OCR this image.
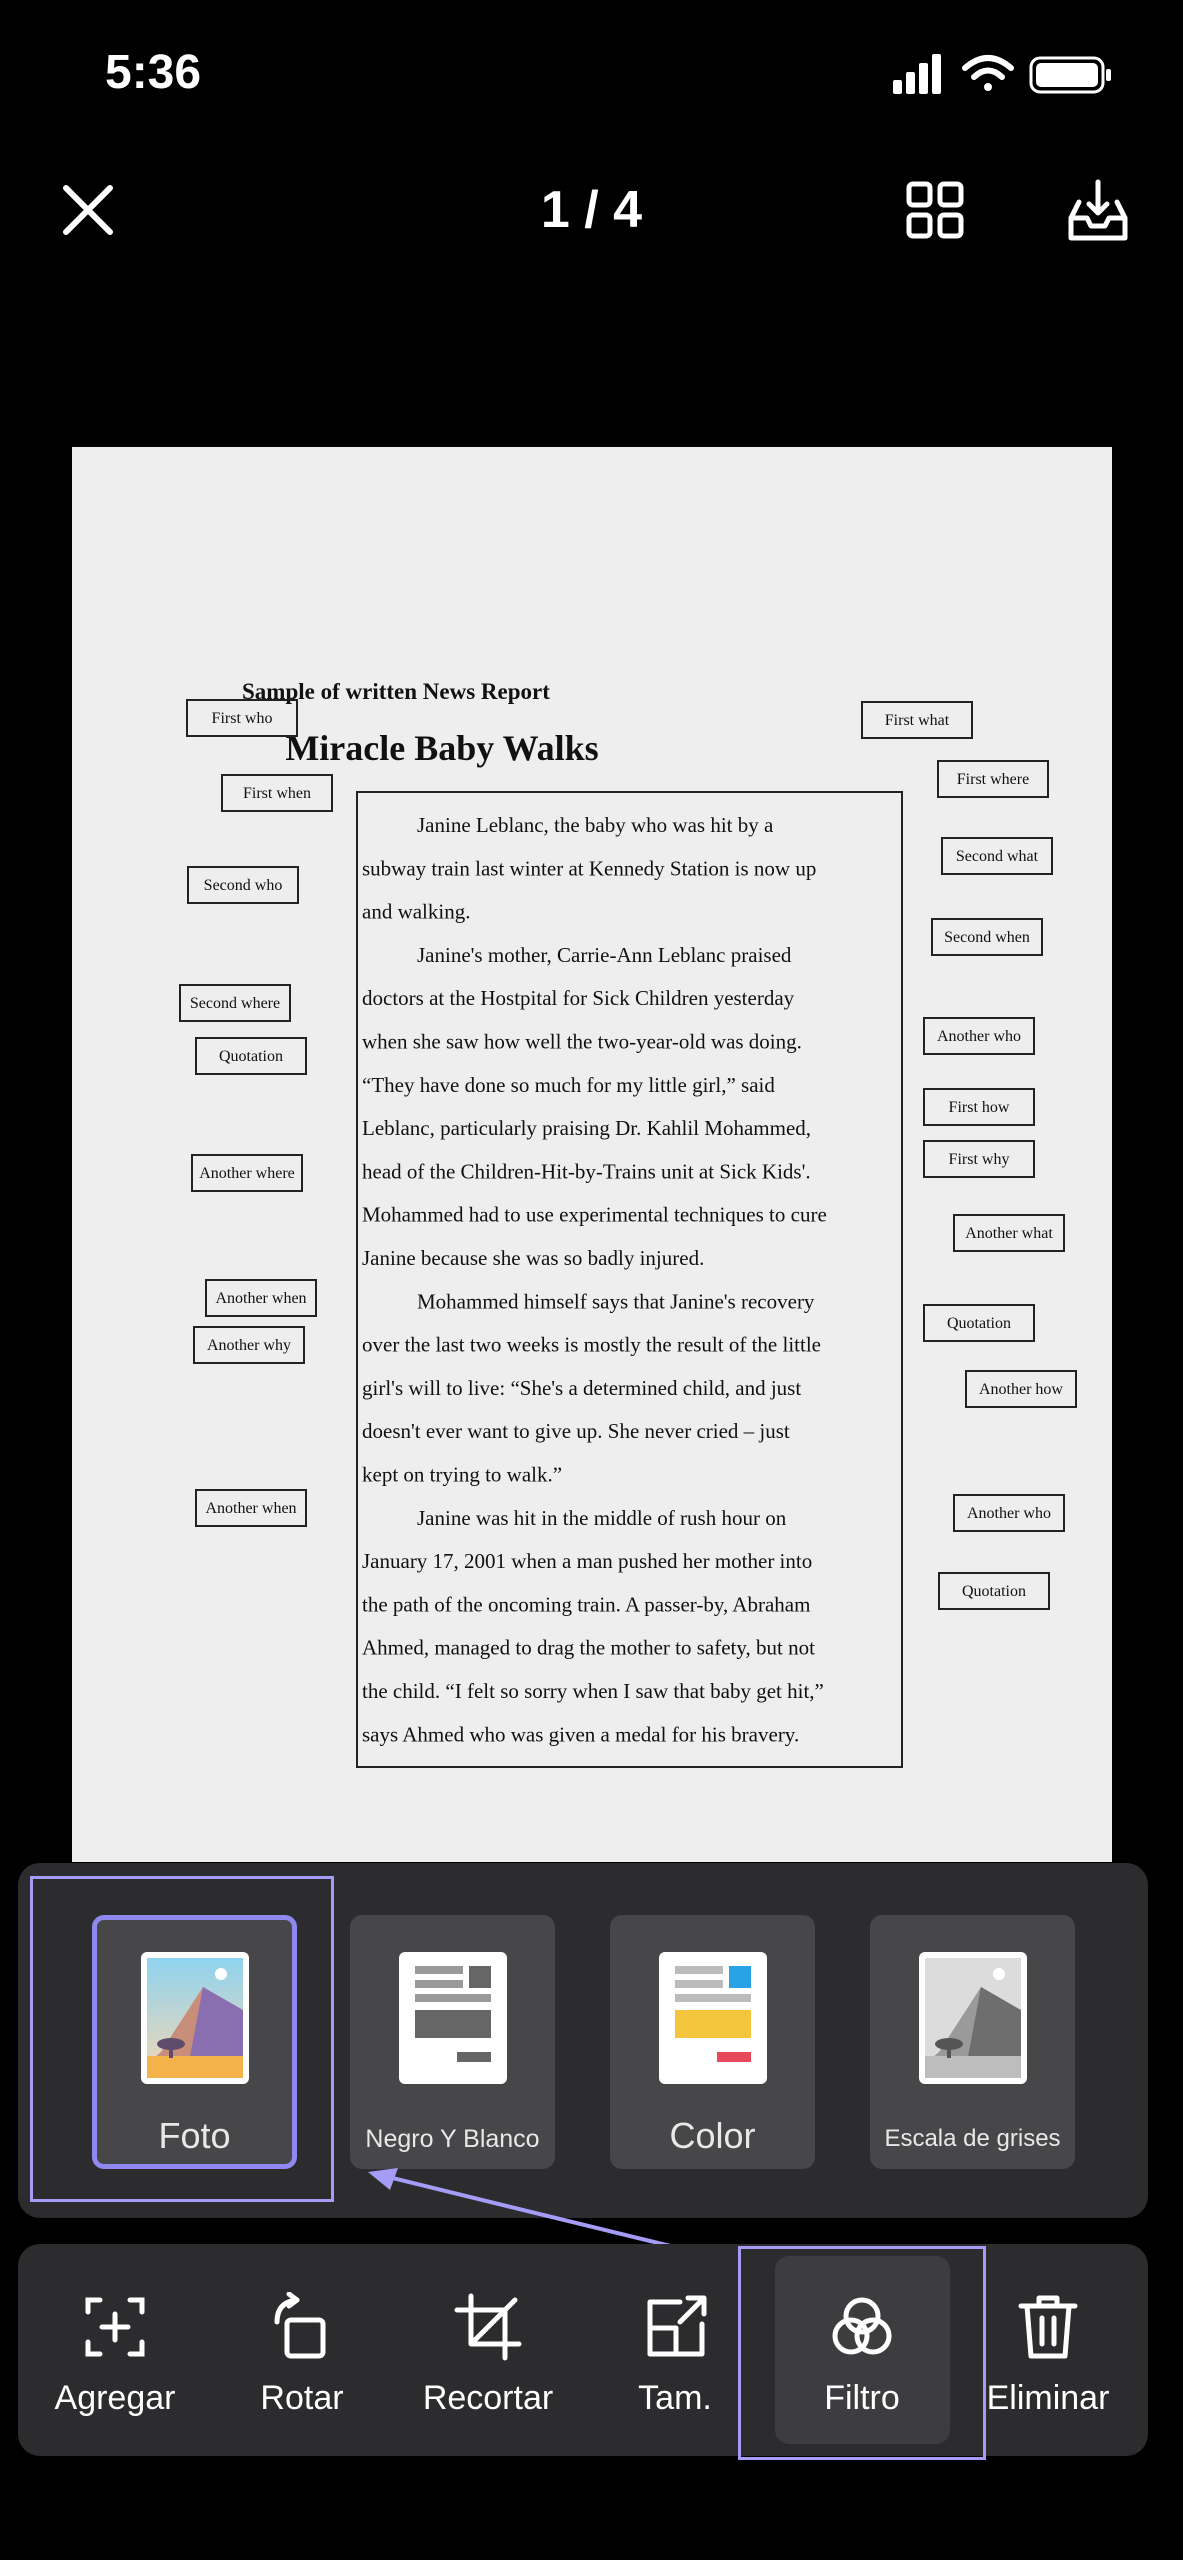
5:36
1 / 4
Sample of written News Report
Miracle Baby Walks
Janine Leblanc, the baby who was hit by a
subway train last winter at Kennedy Station is now up
and walking.
Janine's mother, Carrie-Ann Leblanc praised
doctors at the Hostpital for Sick Children yesterday
when she saw how well the two-year-old was doing.
“They have done so much for my little girl,” said
Leblanc, particularly praising Dr. Kahlil Mohammed,
head of the Children-Hit-by-Trains unit at Sick Kids'.
Mohammed had to use experimental techniques to cure
Janine because she was so badly injured.
Mohammed himself says that Janine's recovery
over the last two weeks is mostly the result of the little
girl's will to live: “She's a determined child, and just
doesn't ever want to give up. She never cried – just
kept on trying to walk.”
Janine was hit in the middle of rush hour on
January 17, 2001 when a man pushed her mother into
the path of the oncoming train. A passer-by, Abraham
Ahmed, managed to drag the mother to safety, but not
the child. “I felt so sorry when I saw that baby get hit,”
says Ahmed who was given a medal for his bravery.
First who
First when
Second who
Second where
Quotation
Another where
Another when
Another why
Another when
First what
First where
Second what
Second when
Another who
First how
First why
Another what
Quotation
Another how
Another who
Quotation
Foto	Negro Y Blanco	Color	Escala de grises
Agregar	Rotar	Recortar	Tam.	Filtro	Eliminar
